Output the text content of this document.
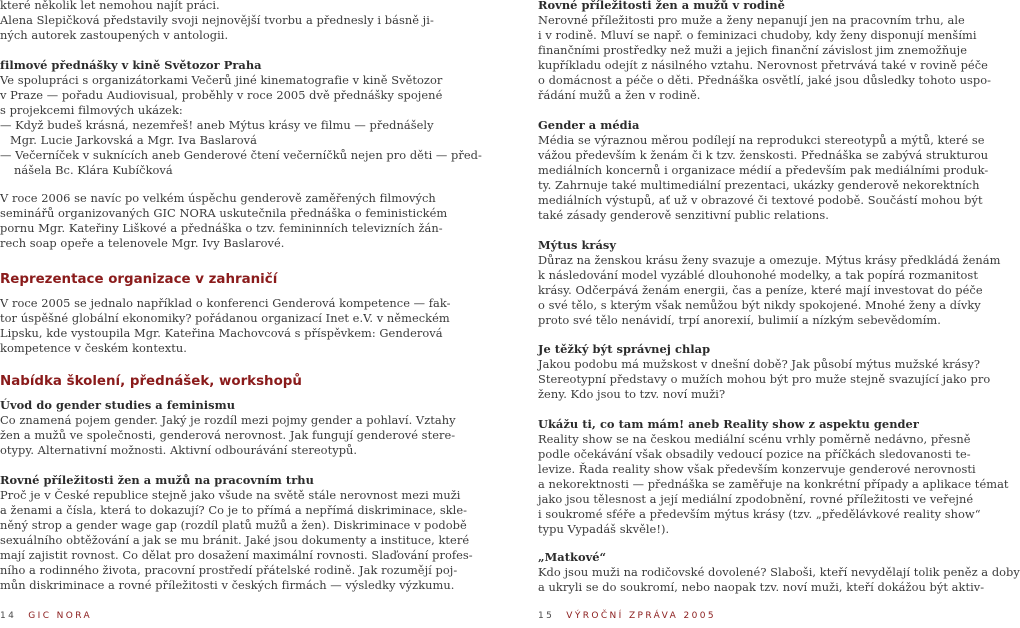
které několik let nemohou najít práci.
Alena Slepičková představily svoji nejnovější tvorbu a přednesly i básně ji-
ných autorek zastoupených v antologii.

filmové přednášky v kině Světozor Praha

Ve spolupráci s organizátorkami Večerů jiné kinematografie v kině Světozor
v Praze — pořadu Audiovisual, proběhly v roce 2005 dvě přednášky spojené
s projekcemi filmových ukázek:
— Když budeš krásná, nezemřeš! aneb Mýtus krásy ve filmu — přednášely
Mgr. Lucie Jarkovská a Mgr. Iva Baslarová
— Večerníček v suknících aneb Genderové čtení večerníčků nejen pro děti — před-
nášela Bc. Klára Kubíčková

V roce 2006 se navíc po velkém úspěchu genderově zaměřených filmových
seminářů organizovaných GIC NORA uskutečnila přednáška o feministickém
pornu Mgr. Kateřiny Liškové a přednáška o tzv. femininních televizních žán-
rech soap opeře a telenovele Mgr. Ivy Baslarové.

Reprezentace organizace v zahraničí

V roce 2005 se jednalo například o konferenci Genderová kompetence — fak-
tor úspěšné globální ekonomiky? pořádanou organizací Inet e.V. v německém
Lipsku, kde vystoupila Mgr. Kateřina Machovcová s příspěvkem: Genderová
kompetence v českém kontextu.

Nabídka školení, přednášek, workshopů

Úvod do gender studies a feminismu

Co znamená pojem gender. Jaký je rozdíl mezi pojmy gender a pohlaví. Vztahy
žen a mužů ve společnosti, genderová nerovnost. Jak fungují genderové stere-
otypy. Alternativní možnosti. Aktivní odbourávání stereotypů.

Rovné příležitosti žen a mužů na pracovním trhu

Proč je v České republice stejně jako všude na světě stále nerovnost mezi muži
a ženami a čísla, která to dokazují? Co je to přímá a nepřímá diskriminace, skle-
něný strop a gender wage gap (rozdíl platů mužů a žen). Diskriminace v podobě
sexuálního obtěžování a jak se mu bránit. Jaké jsou dokumenty a instituce, které
mají zajistit rovnost. Co dělat pro dosažení maximální rovnosti. Slaďování profes-
ního a rodinného života, pracovní prostředí přátelské rodině. Jak rozumějí poj-
můn diskriminace a rovné příležitosti v českých firmách — výsledky výzkumu.

Rovné příležitosti žen a mužů v rodině

Nerovné příležitosti pro muže a ženy nepanují jen na pracovním trhu, ale
i v rodině. Mluví se např. o feminizaci chudoby, kdy ženy disponují menšími
finančními prostředky než muži a jejich finanční závislost jim znemožňuje
kupříkladu odejít z násilného vztahu. Nerovnost přetrvává také v rovině péče
o domácnost a péče o děti. Přednáška osvětlí, jaké jsou důsledky tohoto uspo-
řádání mužů a žen v rodině.

Gender a média

Média se výraznou měrou podílejí na reprodukci stereotypů a mýtů, které se
vážou především k ženám či k tzv. ženskosti. Přednáška se zabývá strukturou
mediálních koncernů i organizace médií a především pak mediálními produk-
ty. Zahrnuje také multimediální prezentaci, ukázky genderově nekorektních
mediálních výstupů, ať už v obrazové či textové podobě. Součástí mohou být
také zásady genderově senzitivní public relations.

Mýtus krásy

Důraz na ženskou krásu ženy svazuje a omezuje. Mýtus krásy předkládá ženám
k následování model vyzáblé dlouhonohé modelky, a tak popírá rozmanitost
krásy. Odčerpává ženám energii, čas a peníze, které mají investovat do péče
o své tělo, s kterým však nemůžou být nikdy spokojené. Mnohé ženy a dívky
proto své tělo nenávidí, trpí anorexií, bulimií a nízkým sebevědomím.

Je těžký být správnej chlap

Jakou podobu má mužskost v dnešní době? Jak působí mýtus mužské krásy?
Stereotypní představy o mužích mohou být pro muže stejně svazující jako pro
ženy. Kdo jsou to tzv. noví muži?

Ukážu ti, co tam mám! aneb Reality show z aspektu gender

Reality show se na českou mediální scénu vrhly poměrně nedávno, přesně
podle očekávání však obsadily vedoucí pozice na příčkách sledovanosti te-
levize. Řada reality show však především konzervuje genderové nerovnosti
a nekorektnosti — přednáška se zaměřuje na konkrétní případy a aplikace témat
jako jsou tělesnost a její mediální zpodobnění, rovné příležitosti ve veřejné
i soukromé sféře a především mýtus krásy (tzv. „předělávkové reality show“
typu Vypadáš skvěle!).

„Matkové“

Kdo jsou muži na rodičovské dovolené? Slaboši, kteří nevydělají tolik peněz a doby
a ukryli se do soukromí, nebo naopak tzv. noví muži, kteří dokážou být aktiv-

14 GIC NORA	15 VÝROČNÍ ZPRÁVA 2005
